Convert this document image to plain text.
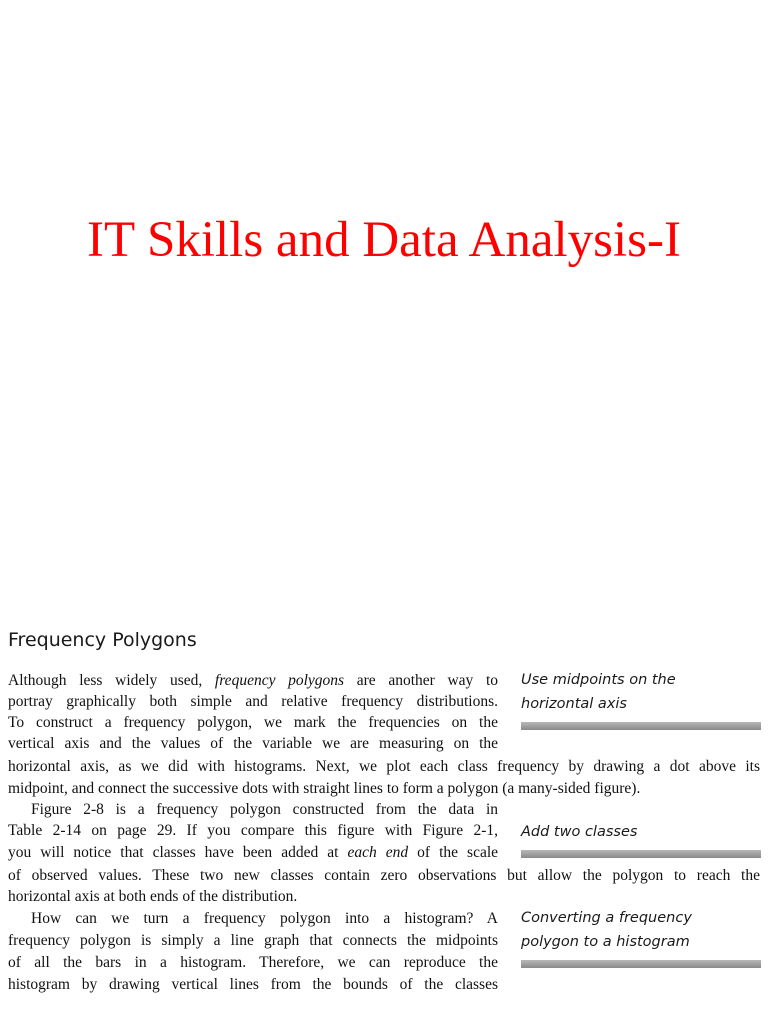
IT Skills and Data Analysis-I
Frequency Polygons

Although less widely used, frequency polygons are another way to

portray graphically both simple and relative frequency distributions.

To construct a frequency polygon, we mark the frequencies on the

vertical axis and the values of the variable we are measuring on the

horizontal axis, as we did with histograms. Next, we plot each class frequency by drawing a dot above its

midpoint, and connect the successive dots with straight lines to form a polygon (a many-sided figure).

Figure 2-8 is a frequency polygon constructed from the data in

Table 2-14 on page 29. If you compare this figure with Figure 2-1,

you will notice that classes have been added at each end of the scale

of observed values. These two new classes contain zero observations but allow the polygon to reach the

horizontal axis at both ends of the distribution.

How can we turn a frequency polygon into a histogram? A

frequency polygon is simply a line graph that connects the midpoints

of all the bars in a histogram. Therefore, we can reproduce the

histogram by drawing vertical lines from the bounds of the classes

Use midpoints on the
horizontal axis
Add two classes
Converting a frequency
polygon to a histogram
